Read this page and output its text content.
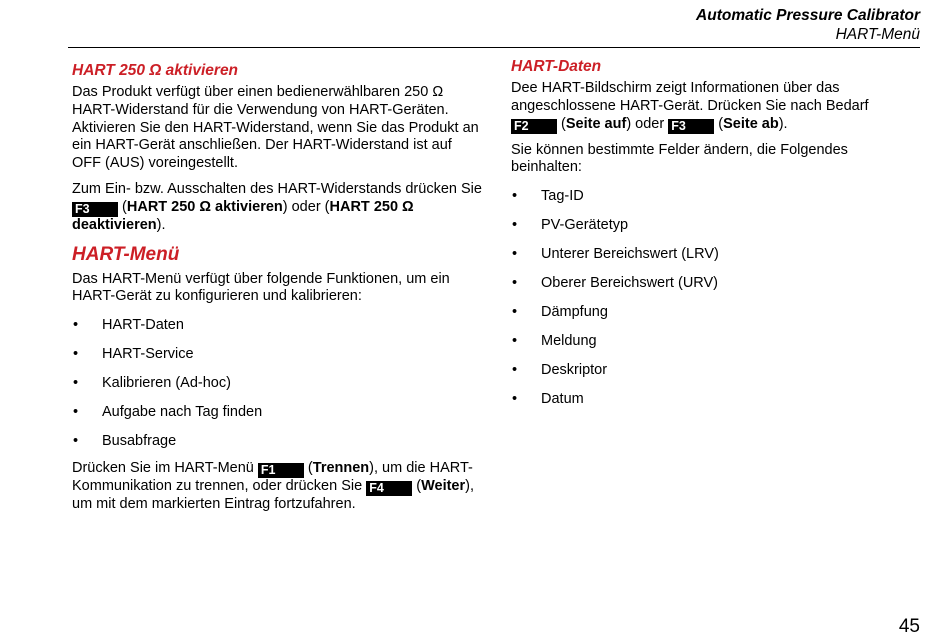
Automatic Pressure Calibrator
HART-Menü
HART 250 Ω aktivieren

Das Produkt verfügt über einen bedienerwählbaren 250 Ω HART-Widerstand für die Verwendung von HART-Geräten. Aktivieren Sie den HART-Widerstand, wenn Sie das Produkt an ein HART-Gerät anschließen. Der HART-Widerstand ist auf OFF (AUS) voreingestellt.

Zum Ein- bzw. Ausschalten des HART-Widerstands drücken Sie F3 (HART 250 Ω aktivieren) oder (HART 250 Ω deaktivieren).

HART-Menü

Das HART-Menü verfügt über folgende Funktionen, um ein HART-Gerät zu konfigurieren und kalibrieren:

• HART-Daten
• HART-Service
• Kalibrieren (Ad-hoc)
• Aufgabe nach Tag finden
• Busabfrage

Drücken Sie im HART-Menü F1 (Trennen), um die HART-Kommunikation zu trennen, oder drücken Sie F4 (Weiter), um mit dem markierten Eintrag fortzufahren.

HART-Daten

Dee HART-Bildschirm zeigt Informationen über das angeschlossene HART-Gerät. Drücken Sie nach Bedarf F2 (Seite auf) oder F3 (Seite ab).

Sie können bestimmte Felder ändern, die Folgendes beinhalten:

• Tag-ID
• PV-Gerätetyp
• Unterer Bereichswert (LRV)
• Oberer Bereichswert (URV)
• Dämpfung
• Meldung
• Deskriptor
• Datum
45
